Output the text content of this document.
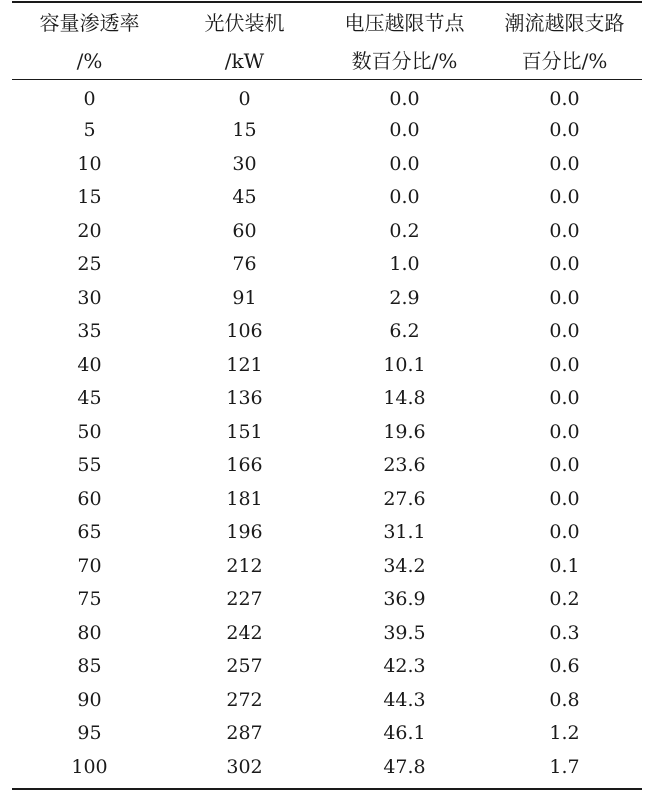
容量渗透率	光伏装机	电压越限节点	潮流越限支路
/%	/kW	数百分比/%	百分比/%
0	0	0.0	0.0
5	15	0.0	0.0
10	30	0.0	0.0
15	45	0.0	0.0
20	60	0.2	0.0
25	76	1.0	0.0
30	91	2.9	0.0
35	106	6.2	0.0
40	121	10.1	0.0
45	136	14.8	0.0
50	151	19.6	0.0
55	166	23.6	0.0
60	181	27.6	0.0
65	196	31.1	0.0
70	212	34.2	0.1
75	227	36.9	0.2
80	242	39.5	0.3
85	257	42.3	0.6
90	272	44.3	0.8
95	287	46.1	1.2
100	302	47.8	1.7
